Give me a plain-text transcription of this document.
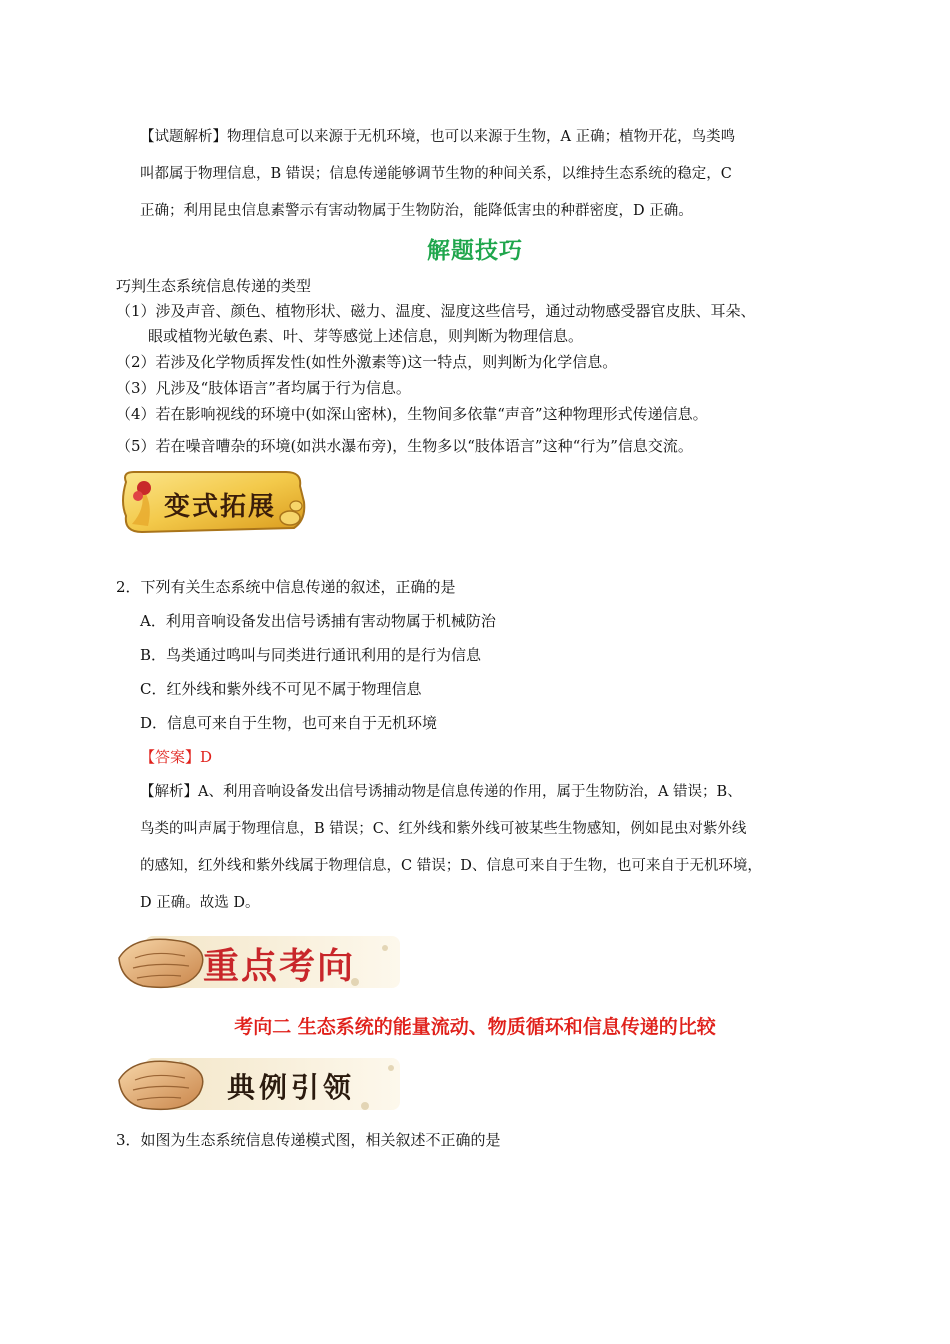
【试题解析】物理信息可以来源于无机环境，也可以来源于生物，A 正确；植物开花，鸟类鸣
叫都属于物理信息，B 错误；信息传递能够调节生物的种间关系，以维持生态系统的稳定，C
正确；利用昆虫信息素警示有害动物属于生物防治，能降低害虫的种群密度，D 正确。
解题技巧
巧判生态系统信息传递的类型
（1）涉及声音、颜色、植物形状、磁力、温度、湿度这些信号，通过动物感受器官皮肤、耳朵、
眼或植物光敏色素、叶、芽等感觉上述信息，则判断为物理信息。
（2）若涉及化学物质挥发性(如性外激素等)这一特点，则判断为化学信息。
（3）凡涉及“肢体语言”者均属于行为信息。
（4）若在影响视线的环境中(如深山密林)，生物间多依靠“声音”这种物理形式传递信息。
（5）若在噪音嘈杂的环境(如洪水瀑布旁)，生物多以“肢体语言”这种“行为”信息交流。
变式拓展
2．下列有关生态系统中信息传递的叙述，正确的是
A．利用音响设备发出信号诱捕有害动物属于机械防治
B．鸟类通过鸣叫与同类进行通讯利用的是行为信息
C．红外线和紫外线不可见不属于物理信息
D．信息可来自于生物，也可来自于无机环境
【答案】D
【解析】A、利用音响设备发出信号诱捕动物是信息传递的作用，属于生物防治，A 错误；B、
鸟类的叫声属于物理信息，B 错误；C、红外线和紫外线可被某些生物感知，例如昆虫对紫外线
的感知，红外线和紫外线属于物理信息，C 错误；D、信息可来自于生物，也可来自于无机环境，
D 正确。故选 D。
重点考向
考向二 生态系统的能量流动、物质循环和信息传递的比较
典例引领
3．如图为生态系统信息传递模式图，相关叙述不正确的是
